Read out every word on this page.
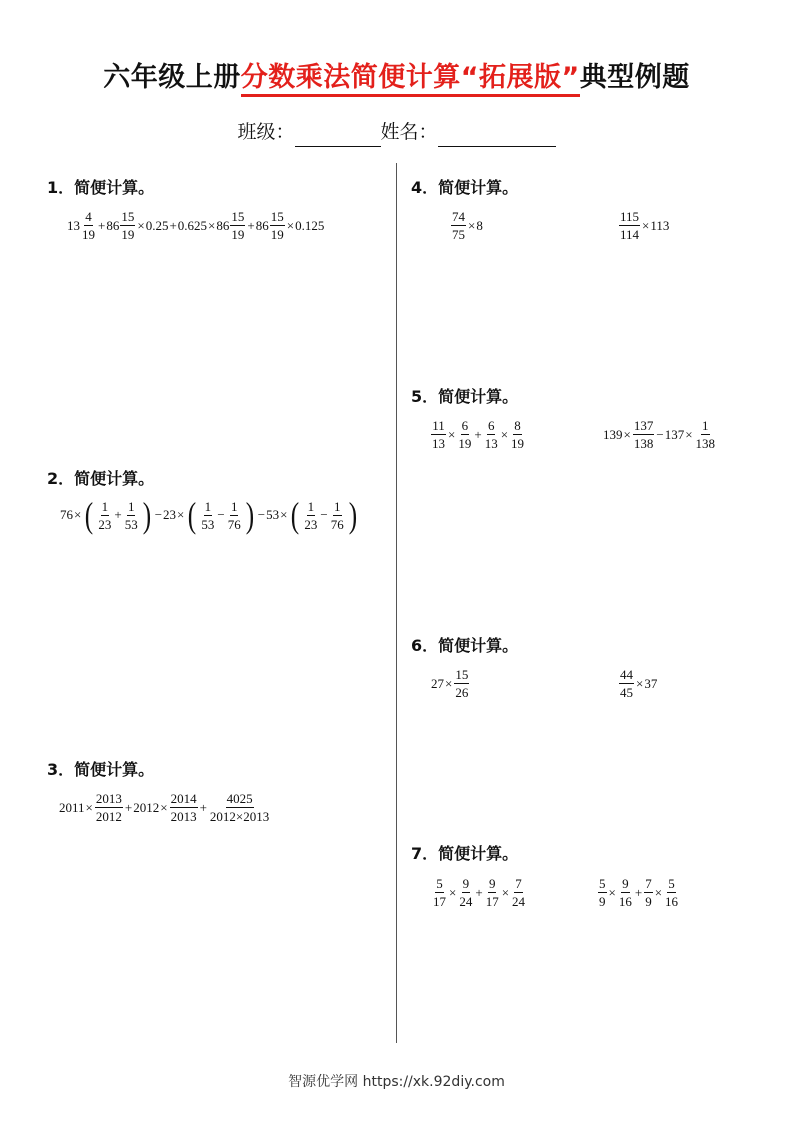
六年级上册分数乘法简便计算“拓展版”典型例题
班级：	姓名：

1．简便计算。

$13 \frac{4}{19} + 86 \frac{15}{19} \times 0.25 + 0.625 \times 86 \frac{15}{19} + 86 \frac{15}{19} \times 0.125$

2．简便计算。

76 × ( $\frac{1}{23} + \frac{1}{53}$ ) − 23 × ( $\frac{1}{53} - \frac{1}{76}$ ) − 53 × ( $\frac{1}{23} - \frac{1}{76}$ )

3．简便计算。

$2011 \times \frac{2013}{2012} + 2012 \times \frac{2014}{2013} + \frac{4025}{2012\times 2013}$

4．简便计算。

$\frac{74}{75} \times 8$	$\frac{115}{114} \times 113$

5．简便计算。

$\frac{11}{13} \times \frac{6}{19} + \frac{6}{13} \times \frac{8}{19}$	$139 \times \frac{137}{138} - 137 \times \frac{1}{138}$

6．简便计算。

$27 \times \frac{15}{26}$	$\frac{44}{45} \times 37$

7．简便计算。

$\frac{5}{17} \times \frac{9}{24} + \frac{9}{17} \times \frac{7}{24}$	$\frac{5}{9} \times \frac{9}{16} + \frac{7}{9} \times \frac{5}{16}$
智源优学网 https://xk.92diy.com
